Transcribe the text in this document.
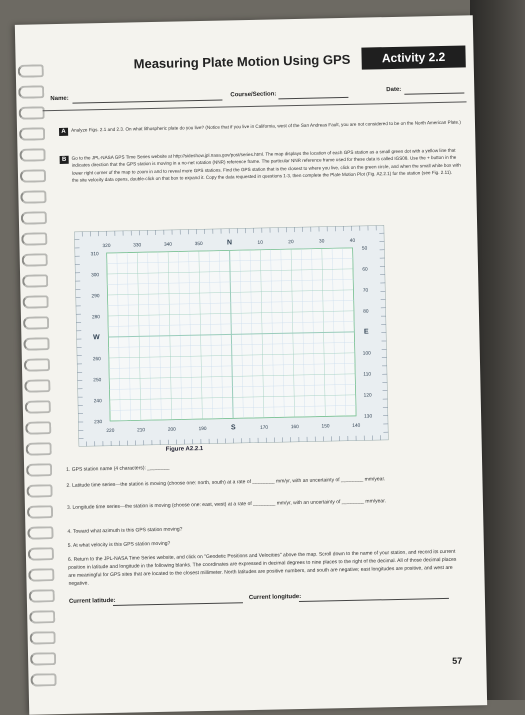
Measuring Plate Motion Using GPS	Activity 2.2
Name:
Course/Section:
Date:
A	Analyze Figs. 2.1 and 2.3. On what lithospheric plate do you live? (Notice that if you live in California, west of the San Andreas Fault, you are not considered to be on the North American Plate.)
B	Go to the JPL-NASA GPS Time Series website at http://sideshow.jpl.nasa.gov/post/series.html. The map displays the location of each GPS station as a small green dot with a yellow line that indicates direction that the GPS station is moving in a no-net rotation (NNR) reference frame. The particular NNR reference frame used for these data is called IGS08. Use the + button in the lower right corner of the map to zoom in and to reveal more GPS stations. Find the GPS station that is the closest to where you live, click on the green circle, and when the small white box with the site velocity data opens, double-click on that box to expand it. Copy the data requested in questions 1-3, then complete the Plate Motion Plot (Fig. A2.2.1) for the station (see Fig. 2.11).
320	330	340	350	N	10	20	30	40
220	210	200	190	S	170	160	150	140
310
300
290
280
W
260
250
240
230
50
60
70
80
E
100
110
120
130
Figure A2.2.1
1. GPS station name (4 characters): ________
2. Latitude time series—the station is moving (choose one: north, south) at a rate of ________ mm/yr, with an uncertainty of ________ mm/year.
3. Longitude time series—the station is moving (choose one: east, west) at a rate of ________ mm/yr, with an uncertainty of ________ mm/year.
4. Toward what azimuth is this GPS station moving?
5. At what velocity is this GPS station moving?
6. Return to the JPL-NASA Time Series website, and click on "Geodetic Positions and Velocities" above the map. Scroll down to the name of your station, and record its current position in latitude and longitude in the following blanks. The coordinates are expressed in decimal degrees to nine places to the right of the decimal. All of those decimal places are meaningful for GPS sites that are located to the closest millimeter. North latitudes are positive numbers, and south are negative; east longitudes are positive, and west are negative.
Current latitude:
Current longitude:
57
